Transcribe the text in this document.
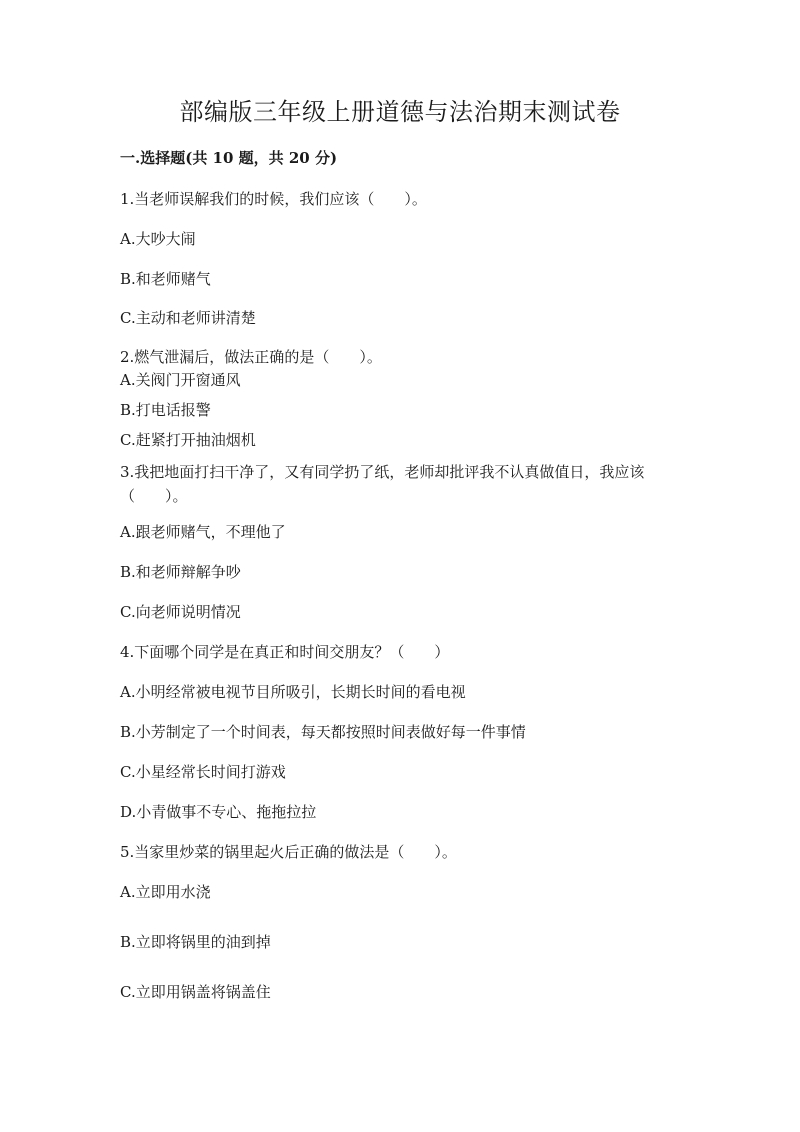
部编版三年级上册道德与法治期末测试卷
一.选择题(共 10 题，共 20 分)
1.当老师误解我们的时候，我们应该（　　）。
A.大吵大闹
B.和老师赌气
C.主动和老师讲清楚
2.燃气泄漏后，做法正确的是（　　）。
A.关阀门开窗通风
B.打电话报警
C.赶紧打开抽油烟机
3.我把地面打扫干净了，又有同学扔了纸，老师却批评我不认真做值日，我应该（　　）。
A.跟老师赌气，不理他了
B.和老师辩解争吵
C.向老师说明情况
4.下面哪个同学是在真正和时间交朋友？（　　）
A.小明经常被电视节目所吸引，长期长时间的看电视
B.小芳制定了一个时间表，每天都按照时间表做好每一件事情
C.小星经常长时间打游戏
D.小青做事不专心、拖拖拉拉
5.当家里炒菜的锅里起火后正确的做法是（　　）。
A.立即用水浇
B.立即将锅里的油到掉
C.立即用锅盖将锅盖住
